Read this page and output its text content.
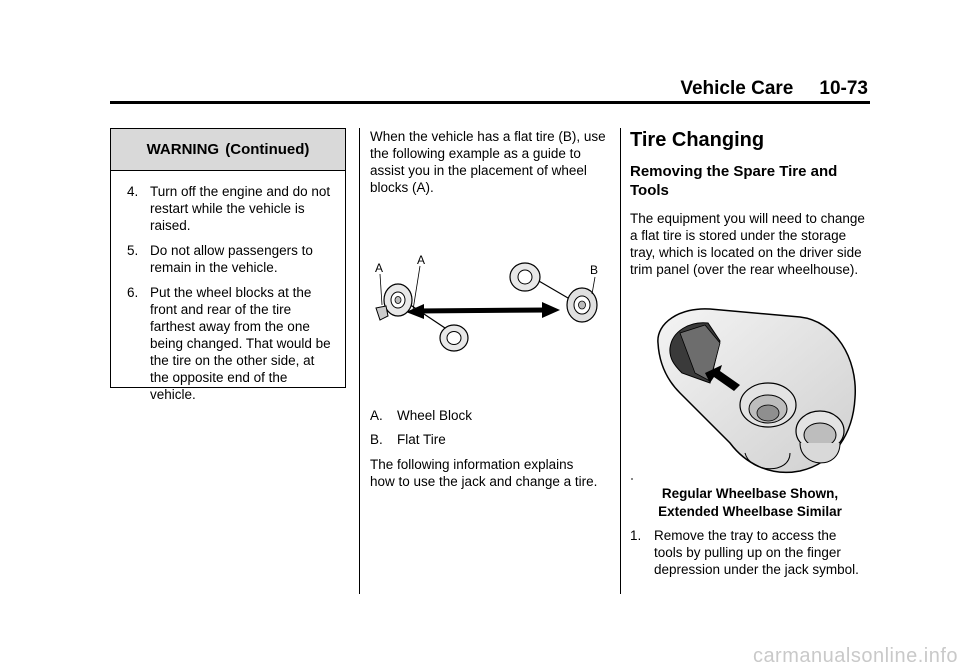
Vehicle Care 10-73
WARNING (Continued)
4. Turn off the engine and do not restart while the vehicle is raised.
5. Do not allow passengers to remain in the vehicle.
6. Put the wheel blocks at the front and rear of the tire farthest away from the one being changed. That would be the tire on the other side, at the opposite end of the vehicle.

When the vehicle has a flat tire (B), use the following example as a guide to assist you in the placement of wheel blocks (A).

A
A
B
A.	Wheel Block
B.	Flat Tire

The following information explains how to use the jack and change a tire.

Tire Changing
Removing the Spare Tire and Tools

The equipment you will need to change a flat tire is stored under the storage tray, which is located on the driver side trim panel (over the rear wheelhouse).

Regular Wheelbase Shown,
Extended Wheelbase Similar
1. Remove the tray to access the tools by pulling up on the finger depression under the jack symbol.
carmanualsonline.info
